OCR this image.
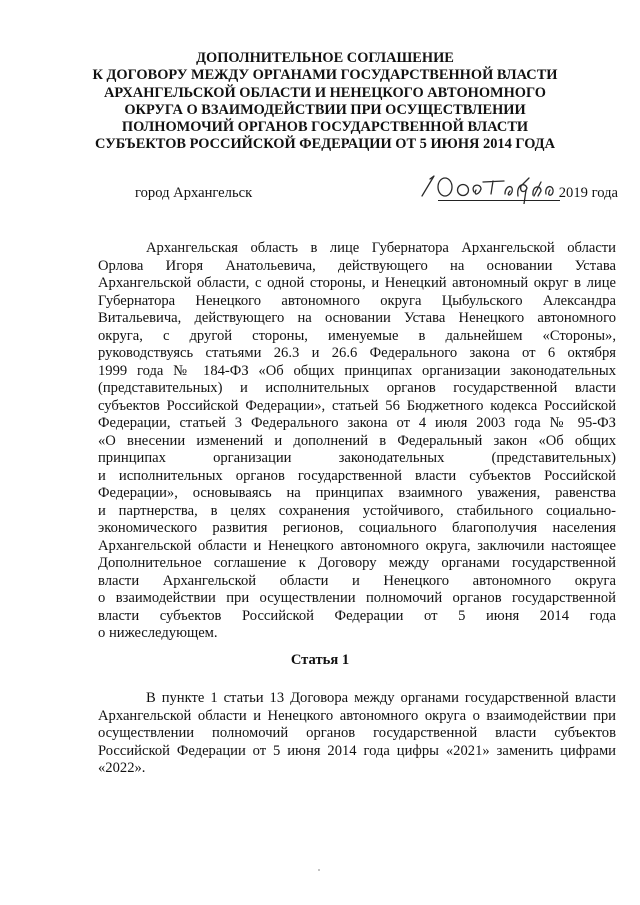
ДОПОЛНИТЕЛЬНОЕ СОГЛАШЕНИЕ
К ДОГОВОРУ МЕЖДУ ОРГАНАМИ ГОСУДАРСТВЕННОЙ ВЛАСТИ
АРХАНГЕЛЬСКОЙ ОБЛАСТИ И НЕНЕЦКОГО АВТОНОМНОГО
ОКРУГА О ВЗАИМОДЕЙСТВИИ ПРИ ОСУЩЕСТВЛЕНИИ
ПОЛНОМОЧИЙ ОРГАНОВ ГОСУДАРСТВЕННОЙ ВЛАСТИ
СУБЪЕКТОВ РОССИЙСКОЙ ФЕДЕРАЦИИ ОТ 5 ИЮНЯ 2014 ГОДА
город Архангельск	2019 года
Архангельская область в лице Губернатора Архангельской области
Орлова Игоря Анатольевича, действующего на основании Устава
Архангельской области, с одной стороны, и Ненецкий автономный округ в лице
Губернатора Ненецкого автономного округа Цыбульского Александра
Витальевича, действующего на основании Устава Ненецкого автономного
округа, с другой стороны, именуемые в дальнейшем «Стороны»,
руководствуясь статьями 26.3 и 26.6 Федерального закона от 6 октября
1999 года № 184-ФЗ «Об общих принципах организации законодательных
(представительных) и исполнительных органов государственной власти
субъектов Российской Федерации», статьей 56 Бюджетного кодекса Российской
Федерации, статьей 3 Федерального закона от 4 июля 2003 года № 95-ФЗ
«О внесении изменений и дополнений в Федеральный закон «Об общих
принципах организации законодательных (представительных)
и исполнительных органов государственной власти субъектов Российской
Федерации», основываясь на принципах взаимного уважения, равенства
и партнерства, в целях сохранения устойчивого, стабильного социально-
экономического развития регионов, социального благополучия населения
Архангельской области и Ненецкого автономного округа, заключили настоящее
Дополнительное соглашение к Договору между органами государственной
власти Архангельской области и Ненецкого автономного округа
о взаимодействии при осуществлении полномочий органов государственной
власти субъектов Российской Федерации от 5 июня 2014 года
о нижеследующем.
Статья 1
В пункте 1 статьи 13 Договора между органами государственной власти
Архангельской области и Ненецкого автономного округа о взаимодействии при
осуществлении полномочий органов государственной власти субъектов
Российской Федерации от 5 июня 2014 года цифры «2021» заменить цифрами
«2022».
